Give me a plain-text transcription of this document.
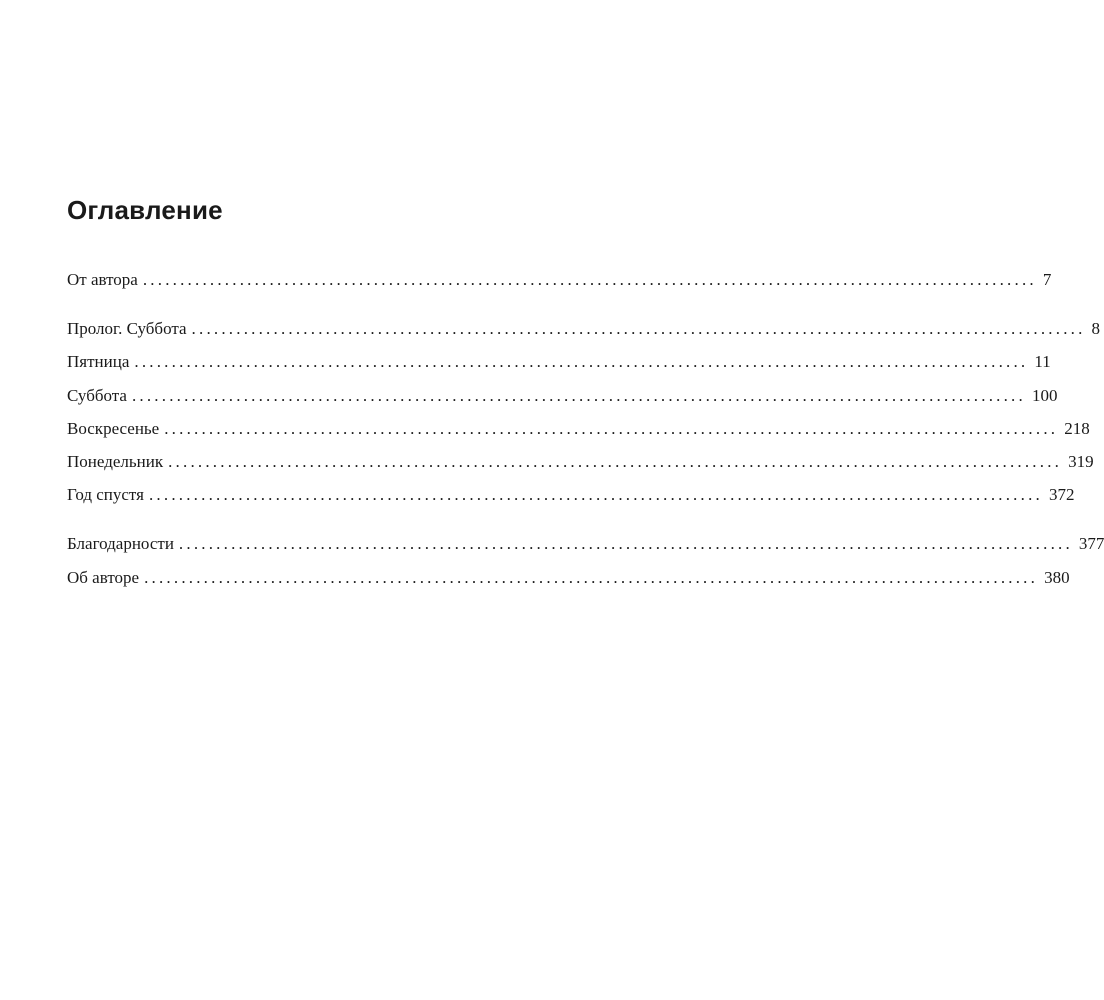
Оглавление
От автора ........................................................................................................................ 7
Пролог. Суббота ........................................................................................................................ 8
Пятница ........................................................................................................................ 11
Суббота ........................................................................................................................ 100
Воскресенье ........................................................................................................................ 218
Понедельник ........................................................................................................................ 319
Год спустя ........................................................................................................................ 372
Благодарности ........................................................................................................................ 377
Об авторе ........................................................................................................................ 380
